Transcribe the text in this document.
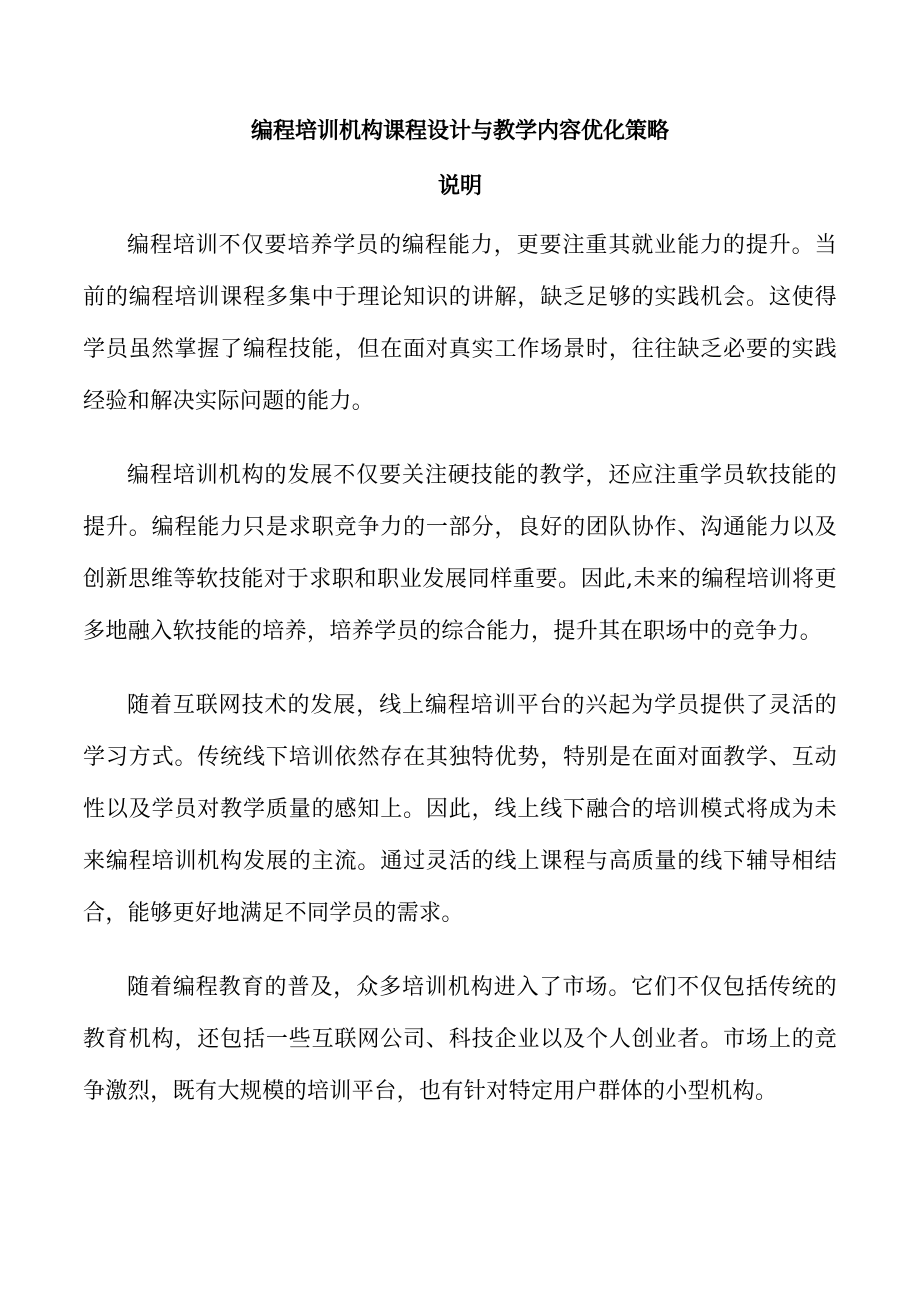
编程培训机构课程设计与教学内容优化策略
说明

编程培训不仅要培养学员的编程能力，更要注重其就业能力的提升。当前的编程培训课程多集中于理论知识的讲解，缺乏足够的实践机会。这使得学员虽然掌握了编程技能，但在面对真实工作场景时，往往缺乏必要的实践经验和解决实际问题的能力。

编程培训机构的发展不仅要关注硬技能的教学，还应注重学员软技能的提升。编程能力只是求职竞争力的一部分，良好的团队协作、沟通能力以及创新思维等软技能对于求职和职业发展同样重要。因此,未来的编程培训将更多地融入软技能的培养，培养学员的综合能力，提升其在职场中的竞争力。

随着互联网技术的发展，线上编程培训平台的兴起为学员提供了灵活的学习方式。传统线下培训依然存在其独特优势，特别是在面对面教学、互动性以及学员对教学质量的感知上。因此，线上线下融合的培训模式将成为未来编程培训机构发展的主流。通过灵活的线上课程与高质量的线下辅导相结合，能够更好地满足不同学员的需求。

随着编程教育的普及，众多培训机构进入了市场。它们不仅包括传统的教育机构，还包括一些互联网公司、科技企业以及个人创业者。市场上的竞争激烈，既有大规模的培训平台，也有针对特定用户群体的小型机构。
